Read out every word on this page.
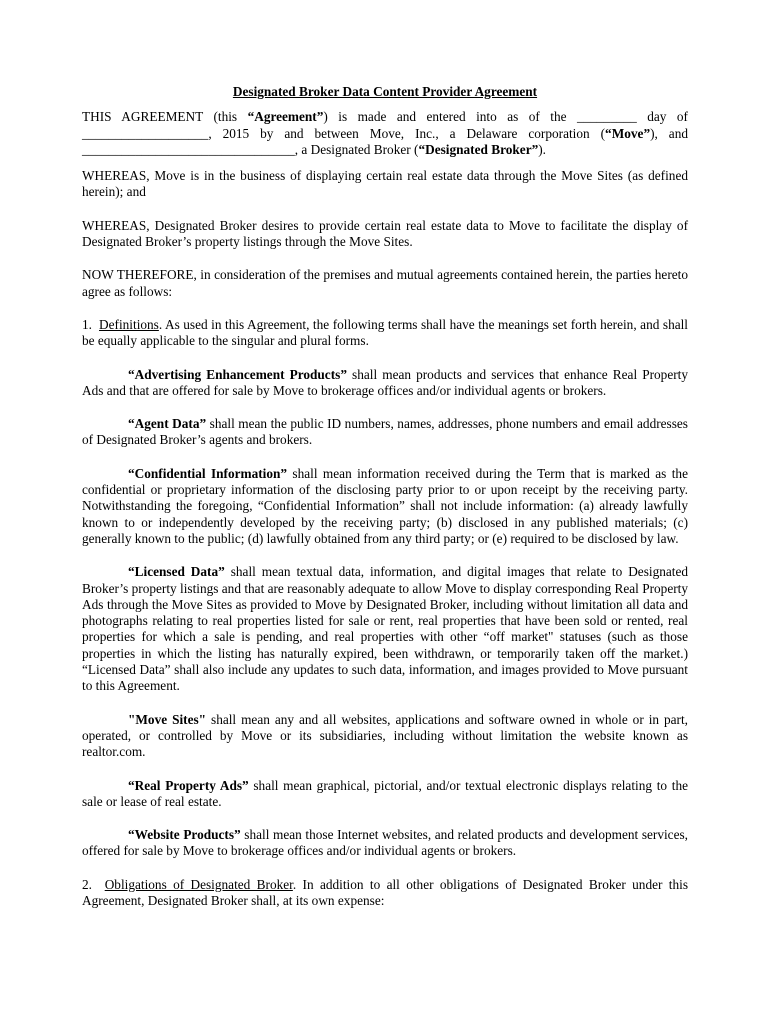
Designated Broker Data Content Provider Agreement

THIS AGREEMENT (this “Agreement”) is made and entered into as of the _________ day of ___________________, 2015 by and between Move, Inc., a Delaware corporation (“Move”), and ________________________________, a Designated Broker (“Designated Broker”).

WHEREAS, Move is in the business of displaying certain real estate data through the Move Sites (as defined herein); and

WHEREAS, Designated Broker desires to provide certain real estate data to Move to facilitate the display of Designated Broker’s property listings through the Move Sites.

NOW THEREFORE, in consideration of the premises and mutual agreements contained herein, the parties hereto agree as follows:

1. Definitions. As used in this Agreement, the following terms shall have the meanings set forth herein, and shall be equally applicable to the singular and plural forms.

“Advertising Enhancement Products” shall mean products and services that enhance Real Property Ads and that are offered for sale by Move to brokerage offices and/or individual agents or brokers.

“Agent Data” shall mean the public ID numbers, names, addresses, phone numbers and email addresses of Designated Broker’s agents and brokers.

“Confidential Information” shall mean information received during the Term that is marked as the confidential or proprietary information of the disclosing party prior to or upon receipt by the receiving party. Notwithstanding the foregoing, “Confidential Information” shall not include information: (a) already lawfully known to or independently developed by the receiving party; (b) disclosed in any published materials; (c) generally known to the public; (d) lawfully obtained from any third party; or (e) required to be disclosed by law.

“Licensed Data” shall mean textual data, information, and digital images that relate to Designated Broker’s property listings and that are reasonably adequate to allow Move to display corresponding Real Property Ads through the Move Sites as provided to Move by Designated Broker, including without limitation all data and photographs relating to real properties listed for sale or rent, real properties that have been sold or rented, real properties for which a sale is pending, and real properties with other “off market" statuses (such as those properties in which the listing has naturally expired, been withdrawn, or temporarily taken off the market.) “Licensed Data” shall also include any updates to such data, information, and images provided to Move pursuant to this Agreement.

"Move Sites" shall mean any and all websites, applications and software owned in whole or in part, operated, or controlled by Move or its subsidiaries, including without limitation the website known as realtor.com.

“Real Property Ads” shall mean graphical, pictorial, and/or textual electronic displays relating to the sale or lease of real estate.

“Website Products” shall mean those Internet websites, and related products and development services, offered for sale by Move to brokerage offices and/or individual agents or brokers.

2. Obligations of Designated Broker. In addition to all other obligations of Designated Broker under this Agreement, Designated Broker shall, at its own expense:
